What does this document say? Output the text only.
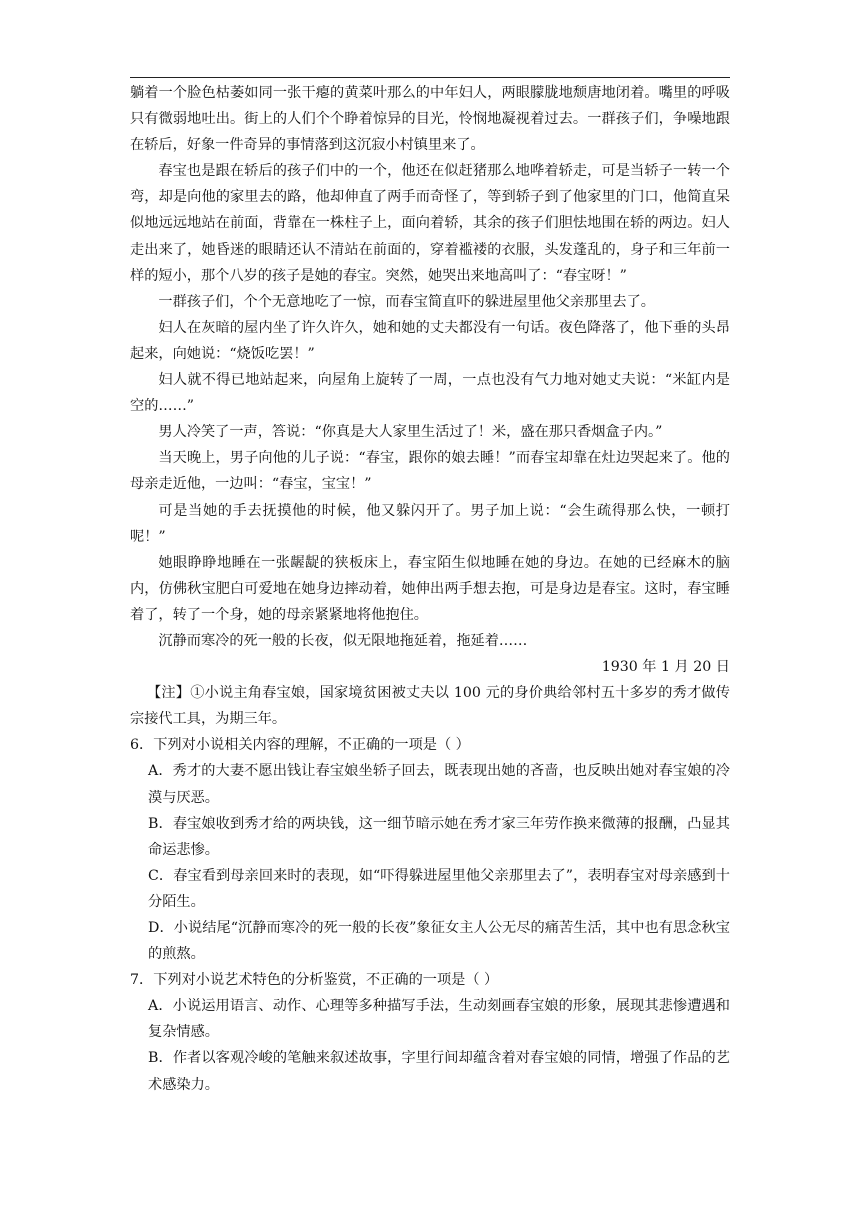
躺着一个脸色枯萎如同一张干瘪的黄菜叶那么的中年妇人，两眼朦胧地颓唐地闭着。嘴里的呼吸只有微弱地吐出。街上的人们个个睁着惊异的目光，怜悯地凝视着过去。一群孩子们，争噪地跟在轿后，好象一件奇异的事情落到这沉寂小村镇里来了。

春宝也是跟在轿后的孩子们中的一个，他还在似赶猪那么地哗着轿走，可是当轿子一转一个弯，却是向他的家里去的路，他却伸直了两手而奇怪了，等到轿子到了他家里的门口，他简直呆似地远远地站在前面，背靠在一株柱子上，面向着轿，其余的孩子们胆怯地围在轿的两边。妇人走出来了，她昏迷的眼睛还认不清站在前面的，穿着褴褛的衣服，头发蓬乱的，身子和三年前一样的短小，那个八岁的孩子是她的春宝。突然，她哭出来地高叫了：“春宝呀！”

一群孩子们，个个无意地吃了一惊，而春宝简直吓的躲进屋里他父亲那里去了。

妇人在灰暗的屋内坐了许久许久，她和她的丈夫都没有一句话。夜色降落了，他下垂的头昂起来，向她说：“烧饭吃罢！”

妇人就不得已地站起来，向屋角上旋转了一周，一点也没有气力地对她丈夫说：“米缸内是空的……”

男人冷笑了一声，答说：“你真是大人家里生活过了！米，盛在那只香烟盒子内。”

当天晚上，男子向他的儿子说：“春宝，跟你的娘去睡！”而春宝却靠在灶边哭起来了。他的母亲走近他，一边叫：“春宝，宝宝！”

可是当她的手去抚摸他的时候，他又躲闪开了。男子加上说：“会生疏得那么快，一顿打呢！”

她眼睁睁地睡在一张龌龊的狭板床上，春宝陌生似地睡在她的身边。在她的已经麻木的脑内，仿佛秋宝肥白可爱地在她身边摔动着，她伸出两手想去抱，可是身边是春宝。这时，春宝睡着了，转了一个身，她的母亲紧紧地将他抱住。

沉静而寒冷的死一般的长夜，似无限地拖延着，拖延着……

1930 年 1 月 20 日

【注】①小说主角春宝娘，国家境贫困被丈夫以 100 元的身价典给邻村五十多岁的秀才做传宗接代工具，为期三年。

6．下列对小说相关内容的理解，不正确的一项是（ ）

A．秀才的大妻不愿出钱让春宝娘坐轿子回去，既表现出她的吝啬，也反映出她对春宝娘的冷漠与厌恶。

B．春宝娘收到秀才给的两块钱，这一细节暗示她在秀才家三年劳作换来微薄的报酬，凸显其命运悲惨。

C．春宝看到母亲回来时的表现，如“吓得躲进屋里他父亲那里去了”，表明春宝对母亲感到十分陌生。

D．小说结尾“沉静而寒冷的死一般的长夜”象征女主人公无尽的痛苦生活，其中也有思念秋宝的煎熬。

7．下列对小说艺术特色的分析鉴赏，不正确的一项是（ ）

A．小说运用语言、动作、心理等多种描写手法，生动刻画春宝娘的形象，展现其悲惨遭遇和复杂情感。

B．作者以客观冷峻的笔触来叙述故事，字里行间却蕴含着对春宝娘的同情，增强了作品的艺术感染力。
